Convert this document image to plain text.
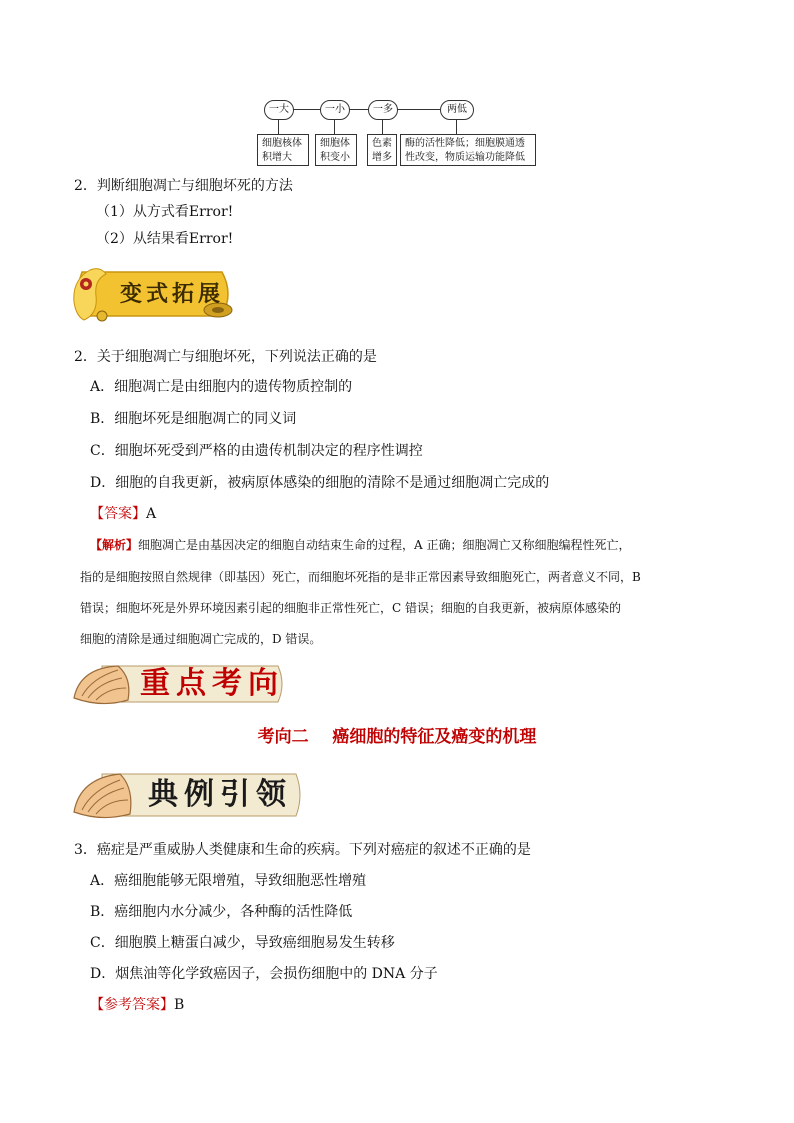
一大	一小	一多	两低
细胞核体
积增大
细胞体
积变小
色素
增多
酶的活性降低；细胞膜通透
性改变，物质运输功能降低
2．判断细胞凋亡与细胞坏死的方法
（1）从方式看Error!
（2）从结果看Error!
变式拓展
2．关于细胞凋亡与细胞坏死，下列说法正确的是
A．细胞凋亡是由细胞内的遗传物质控制的
B．细胞坏死是细胞凋亡的同义词
C．细胞坏死受到严格的由遗传机制决定的程序性调控
D．细胞的自我更新，被病原体感染的细胞的清除不是通过细胞凋亡完成的
【答案】A
【解析】细胞凋亡是由基因决定的细胞自动结束生命的过程，A 正确；细胞凋亡又称细胞编程性死亡，
指的是细胞按照自然规律（即基因）死亡，而细胞坏死指的是非正常因素导致细胞死亡，两者意义不同，B
错误；细胞坏死是外界环境因素引起的细胞非正常性死亡，C 错误；细胞的自我更新，被病原体感染的
细胞的清除是通过细胞凋亡完成的，D 错误。
重点考向
考向二    癌细胞的特征及癌变的机理
典例引领
3．癌症是严重威胁人类健康和生命的疾病。下列对癌症的叙述不正确的是
A．癌细胞能够无限增殖，导致细胞恶性增殖
B．癌细胞内水分减少，各种酶的活性降低
C．细胞膜上糖蛋白减少，导致癌细胞易发生转移
D．烟焦油等化学致癌因子，会损伤细胞中的 DNA 分子
【参考答案】B
